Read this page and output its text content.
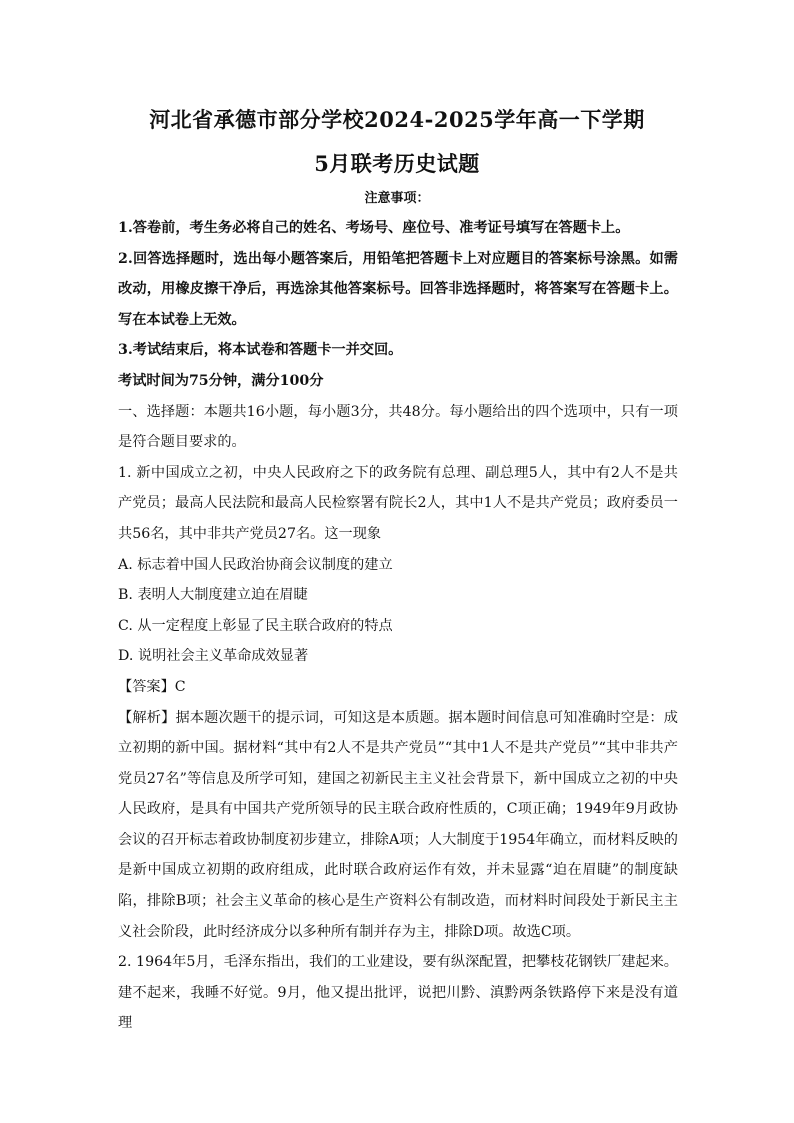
河北省承德市部分学校2024-2025学年高一下学期
5月联考历史试题
注意事项：

1.答卷前，考生务必将自己的姓名、考场号、座位号、准考证号填写在答题卡上。

2.回答选择题时，选出每小题答案后，用铅笔把答题卡上对应题目的答案标号涂黑。如需改动，用橡皮擦干净后，再选涂其他答案标号。回答非选择题时，将答案写在答题卡上。写在本试卷上无效。

3.考试结束后，将本试卷和答题卡一并交回。

考试时间为75分钟，满分100分

一、选择题：本题共16小题，每小题3分，共48分。每小题给出的四个选项中，只有一项是符合题目要求的。

1. 新中国成立之初，中央人民政府之下的政务院有总理、副总理5人，其中有2人不是共产党员；最高人民法院和最高人民检察署有院长2人，其中1人不是共产党员；政府委员一共56名，其中非共产党员27名。这一现象

A. 标志着中国人民政治协商会议制度的建立

B. 表明人大制度建立迫在眉睫

C. 从一定程度上彰显了民主联合政府的特点

D. 说明社会主义革命成效显著

【答案】C

【解析】据本题次题干的提示词，可知这是本质题。据本题时间信息可知准确时空是：成立初期的新中国。据材料“其中有2人不是共产党员”“其中1人不是共产党员”“其中非共产党员27名”等信息及所学可知，建国之初新民主主义社会背景下，新中国成立之初的中央人民政府，是具有中国共产党所领导的民主联合政府性质的，C项正确；1949年9月政协会议的召开标志着政协制度初步建立，排除A项；人大制度于1954年确立，而材料反映的是新中国成立初期的政府组成，此时联合政府运作有效，并未显露“迫在眉睫”的制度缺陷，排除B项；社会主义革命的核心是生产资料公有制改造，而材料时间段处于新民主主义社会阶段，此时经济成分以多种所有制并存为主，排除D项。故选C项。

2. 1964年5月，毛泽东指出，我们的工业建设，要有纵深配置，把攀枝花钢铁厂建起来。建不起来，我睡不好觉。9月，他又提出批评，说把川黔、滇黔两条铁路停下来是没有道理
